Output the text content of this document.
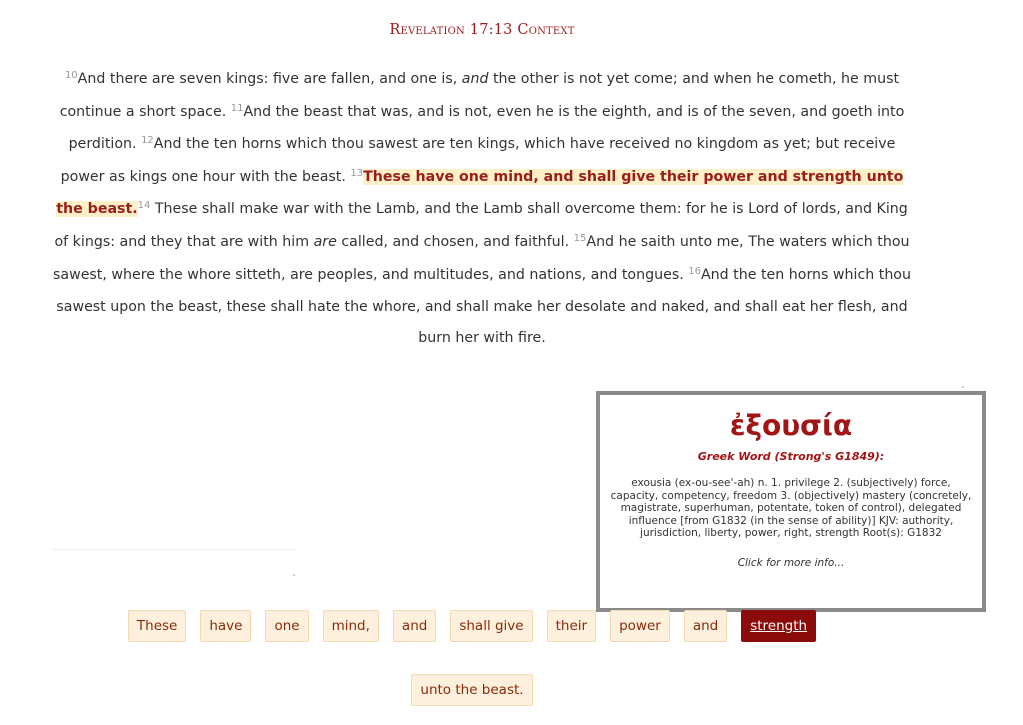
Revelation 17:13 Context
$^{10}$And there are seven kings: five are fallen, and one is, and the other is not yet come; and when he cometh, he must continue a short space. $^{11}$And the beast that was, and is not, even he is the eighth, and is of the seven, and goeth into perdition. $^{12}$And the ten horns which thou sawest are ten kings, which have received no kingdom as yet; but receive power as kings one hour with the beast. $^{13}$These have one mind, and shall give their power and strength unto the beast.$^{14}$ These shall make war with the Lamb, and the Lamb shall overcome them: for he is Lord of lords, and King of kings: and they that are with him are called, and chosen, and faithful. $^{15}$And he saith unto me, The waters which thou sawest, where the whore sitteth, are peoples, and multitudes, and nations, and tongues. $^{16}$And the ten horns which thou sawest upon the beast, these shall hate the whore, and shall make her desolate and naked, and shall eat her flesh, and burn her with fire.
ἐξουσία
Greek Word (Strong's G1849):
exousia (ex-ou-see'-ah) n. 1. privilege 2. (subjectively) force, capacity, competency, freedom 3. (objectively) mastery (concretely, magistrate, superhuman, potentate, token of control), delegated influence [from G1832 (in the sense of ability)] KJV: authority, jurisdiction, liberty, power, right, strength Root(s): G1832
Click for more info...
These	have	one	mind,	and	shall give	their	power	and	strength
unto the beast.
